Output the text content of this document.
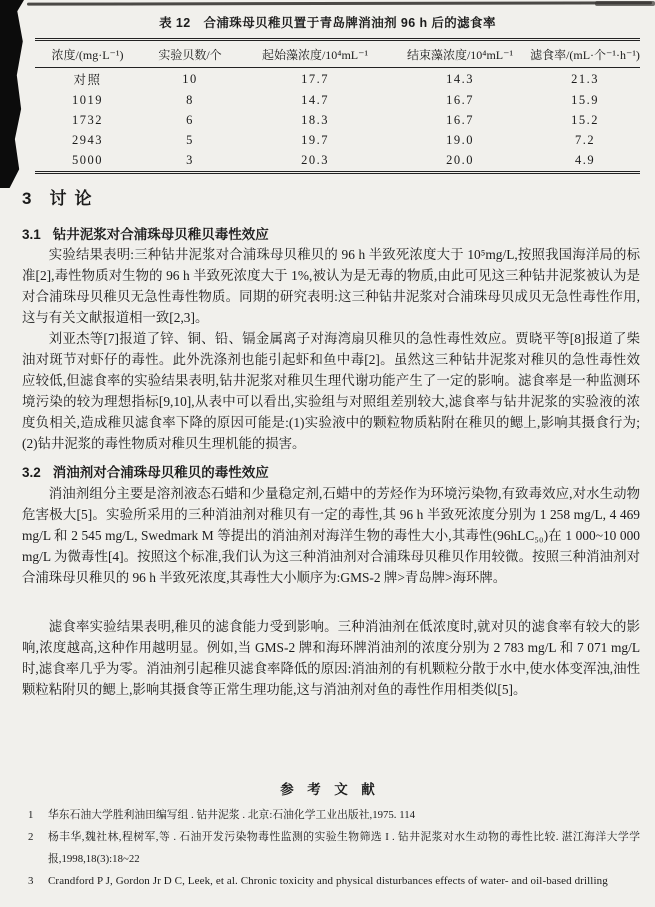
表 12　合浦珠母贝稚贝置于青岛牌消油剂 96 h 后的滤食率
浓度/(mg·L⁻¹)	实验贝数/个	起始藻浓度/10⁴mL⁻¹	结束藻浓度/10⁴mL⁻¹	滤食率/(mL·个⁻¹·h⁻¹)
对照	10	17.7	14.3	21.3
1019	8	14.7	16.7	15.9
1732	6	18.3	16.7	15.2
2943	5	19.7	19.0	7.2
5000	3	20.3	20.0	4.9
3 讨论
3.1 钻井泥浆对合浦珠母贝稚贝毒性效应
实验结果表明:三种钻井泥浆对合浦珠母贝稚贝的 96 h 半致死浓度大于 10⁵mg/L,按照我国海洋局的标准[2],毒性物质对生物的 96 h 半致死浓度大于 1%,被认为是无毒的物质,由此可见这三种钻井泥浆被认为是对合浦珠母贝稚贝无急性毒性物质。同期的研究表明:这三种钻井泥浆对合浦珠母贝成贝无急性毒性作用,这与有关文献报道相一致[2,3]。
刘亚杰等[7]报道了锌、铜、铅、镉金属离子对海湾扇贝稚贝的急性毒性效应。贾晓平等[8]报道了柴油对斑节对虾仔的毒性。此外洗涤剂也能引起虾和鱼中毒[2]。虽然这三种钻井泥浆对稚贝的急性毒性效应较低,但滤食率的实验结果表明,钻井泥浆对稚贝生理代谢功能产生了一定的影响。滤食率是一种监测环境污染的较为理想指标[9,10],从表中可以看出,实验组与对照组差别较大,滤食率与钻井泥浆的实验液的浓度负相关,造成稚贝滤食率下降的原因可能是:(1)实验液中的颗粒物质粘附在稚贝的鳃上,影响其摄食行为;(2)钻井泥浆的毒性物质对稚贝生理机能的损害。
3.2 消油剂对合浦珠母贝稚贝的毒性效应
消油剂组分主要是溶剂液态石蜡和少量稳定剂,石蜡中的芳烃作为环境污染物,有致毒效应,对水生动物危害极大[5]。实验所采用的三种消油剂对稚贝有一定的毒性,其 96 h 半致死浓度分别为 1 258 mg/L, 4 469 mg/L 和 2 545 mg/L, Swedmark M 等提出的消油剂对海洋生物的毒性大小,其毒性(96hLC₅₀)在 1 000~10 000 mg/L 为微毒性[4]。按照这个标准,我们认为这三种消油剂对合浦珠母贝稚贝作用较微。按照三种消油剂对合浦珠母贝稚贝的 96 h 半致死浓度,其毒性大小顺序为:GMS-2 牌>青岛牌>海环牌。
滤食率实验结果表明,稚贝的滤食能力受到影响。三种消油剂在低浓度时,就对贝的滤食率有较大的影响,浓度越高,这种作用越明显。例如,当 GMS-2 牌和海环牌消油剂的浓度分别为 2 783 mg/L 和 7 071 mg/L 时,滤食率几乎为零。消油剂引起稚贝滤食率降低的原因:消油剂的有机颗粒分散于水中,使水体变浑浊,油性颗粒粘附贝的鳃上,影响其摄食等正常生理功能,这与消油剂对鱼的毒性作用相类似[5]。
参　考　文　献
1	华东石油大学胜利油田编写组 . 钻井泥浆 . 北京:石油化学工业出版社,1975. 114
2	杨丰华,魏社林,程树军,等 . 石油开发污染物毒性监测的实验生物筛选 I . 钻井泥浆对水生动物的毒性比较. 湛江海洋大学学报,1998,18(3):18~22
3	Crandford P J, Gordon Jr D C, Leek, et al. Chronic toxicity and physical disturbances effects of water- and oil-based drilling
